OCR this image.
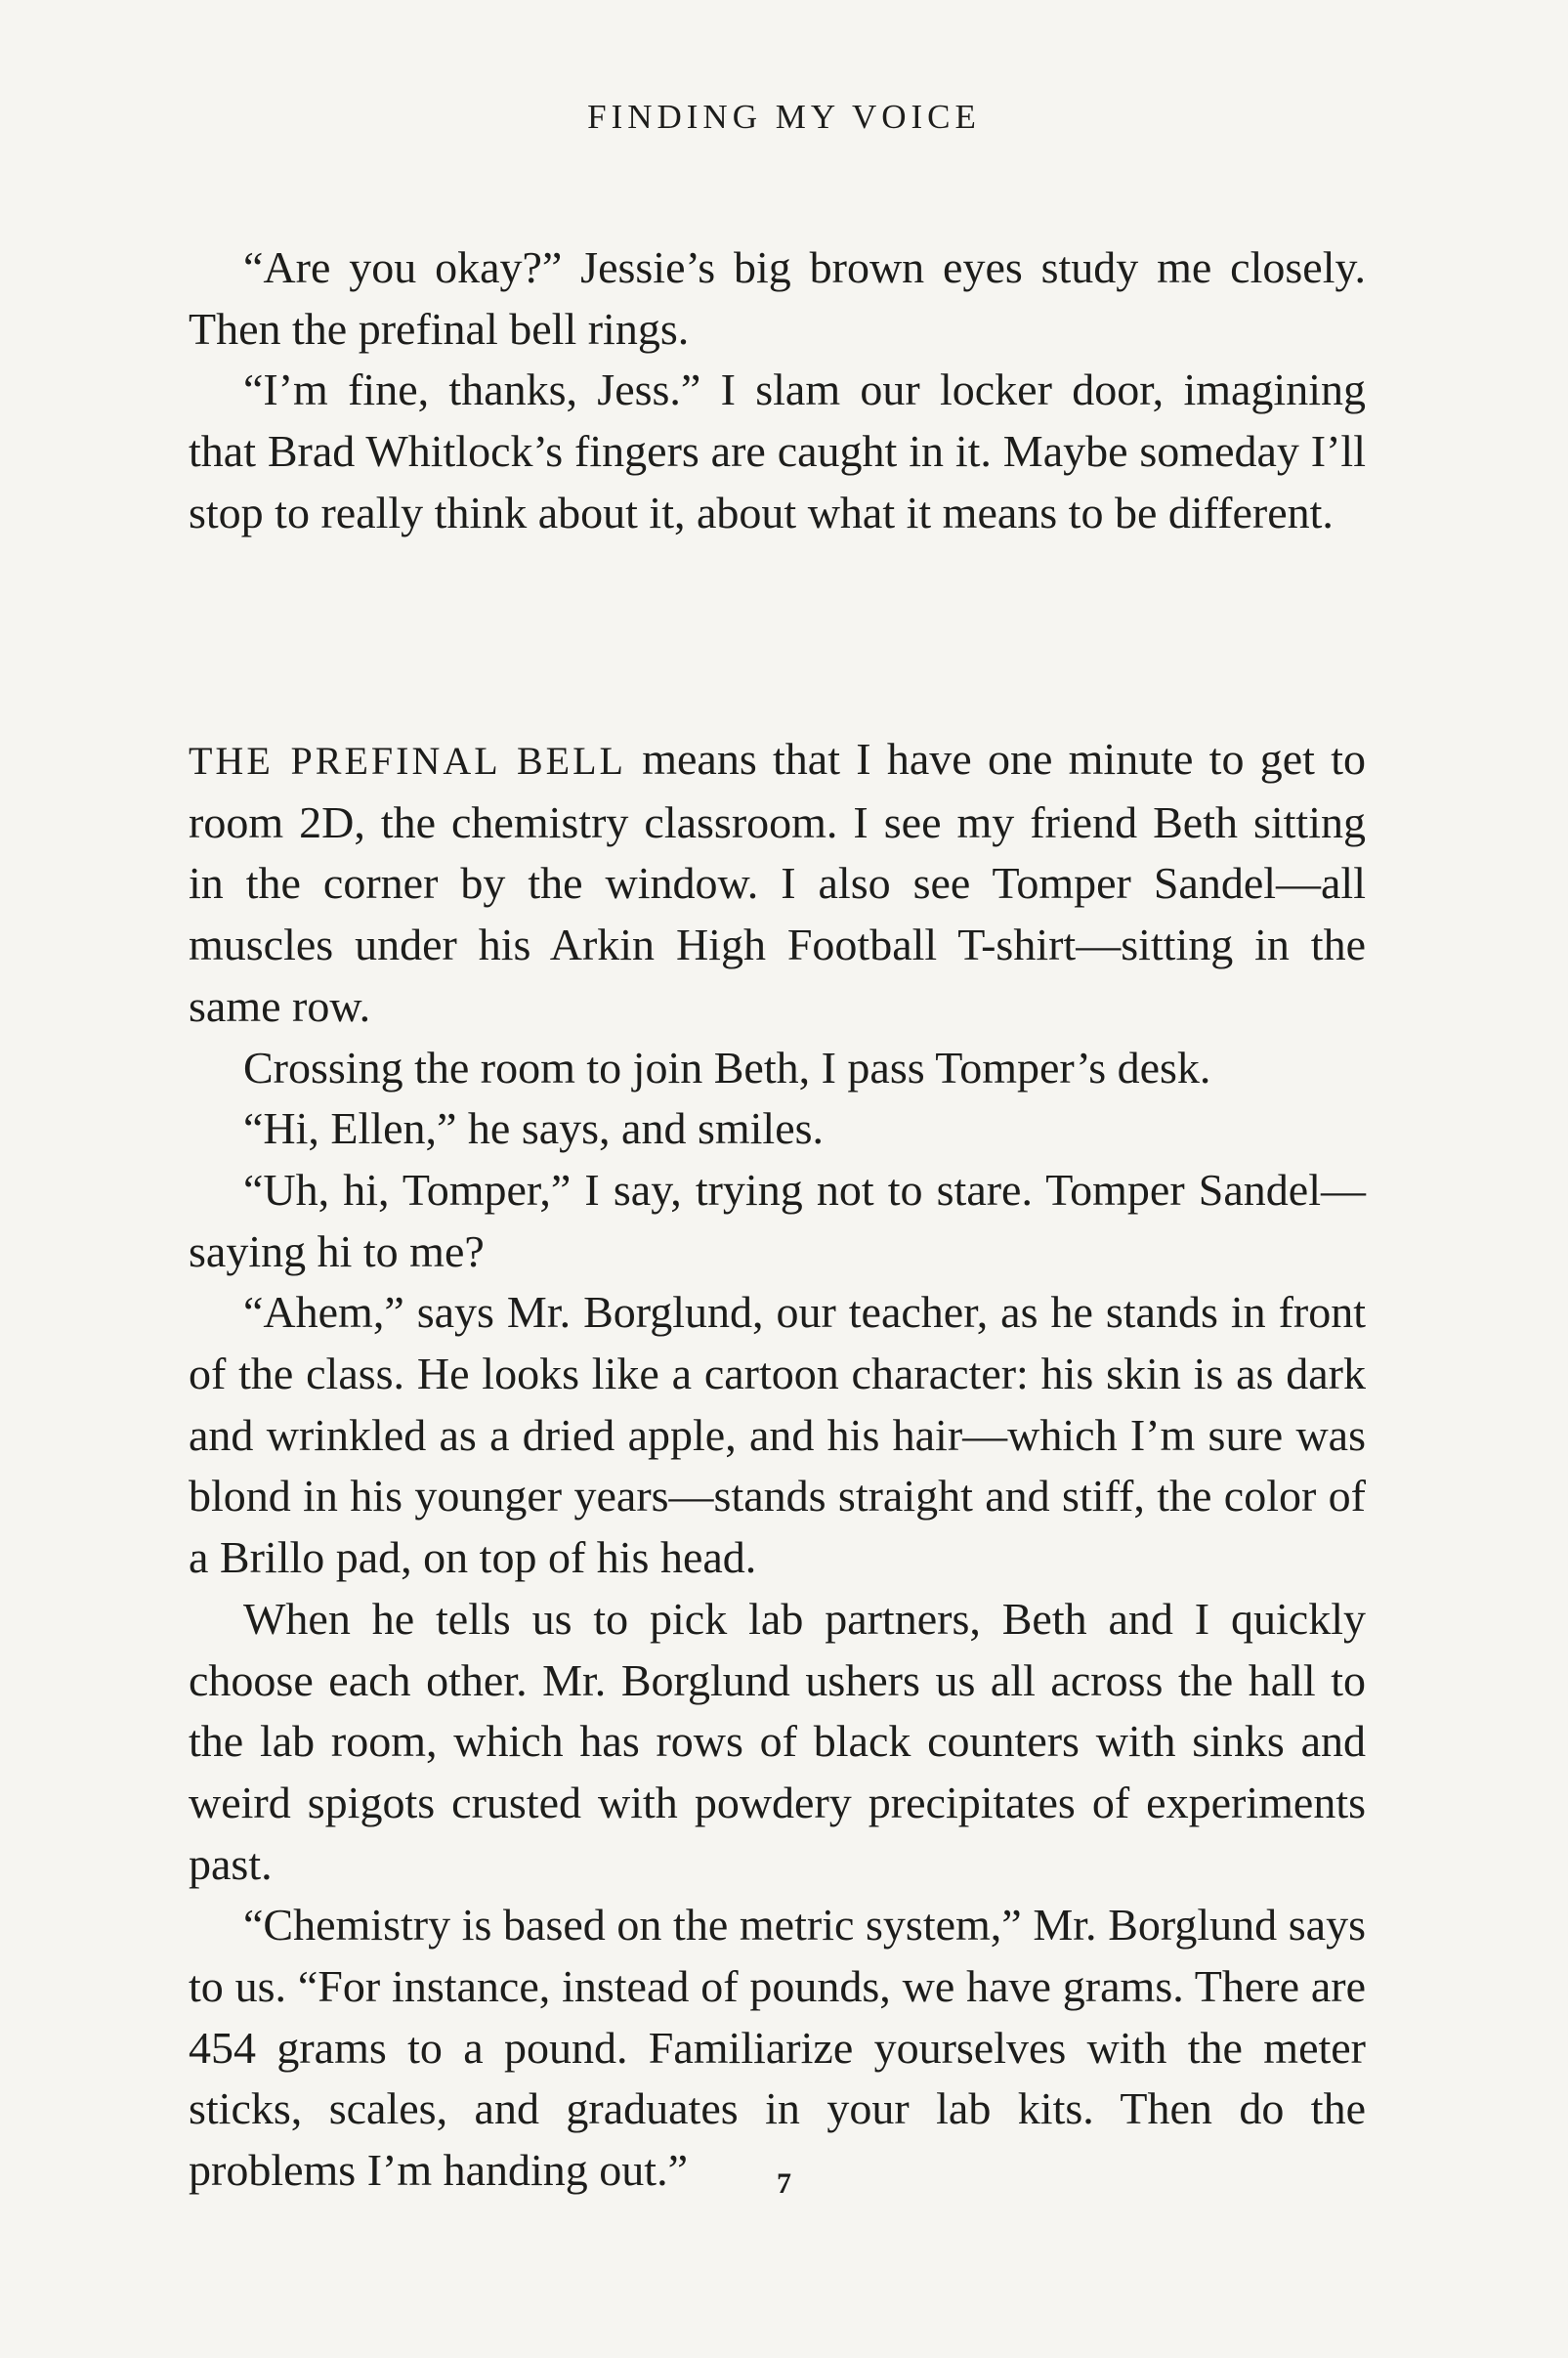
FINDING MY VOICE

“Are you okay?” Jessie’s big brown eyes study me closely. Then the prefinal bell rings.

“I’m fine, thanks, Jess.” I slam our locker door, imagining that Brad Whitlock’s fingers are caught in it. Maybe someday I’ll stop to really think about it, about what it means to be different.

THE PREFINAL BELL means that I have one minute to get to room 2D, the chemistry classroom. I see my friend Beth sitting in the corner by the window. I also see Tomper Sandel—all muscles under his Arkin High Football T-shirt—sitting in the same row.

Crossing the room to join Beth, I pass Tomper’s desk.

“Hi, Ellen,” he says, and smiles.

“Uh, hi, Tomper,” I say, trying not to stare. Tomper Sandel—saying hi to me?

“Ahem,” says Mr. Borglund, our teacher, as he stands in front of the class. He looks like a cartoon character: his skin is as dark and wrinkled as a dried apple, and his hair—which I’m sure was blond in his younger years—stands straight and stiff, the color of a Brillo pad, on top of his head.

When he tells us to pick lab partners, Beth and I quickly choose each other. Mr. Borglund ushers us all across the hall to the lab room, which has rows of black counters with sinks and weird spigots crusted with powdery precipitates of experiments past.

“Chemistry is based on the metric system,” Mr. Borglund says to us. “For instance, instead of pounds, we have grams. There are 454 grams to a pound. Familiarize yourselves with the meter sticks, scales, and graduates in your lab kits. Then do the problems I’m handing out.”	7
